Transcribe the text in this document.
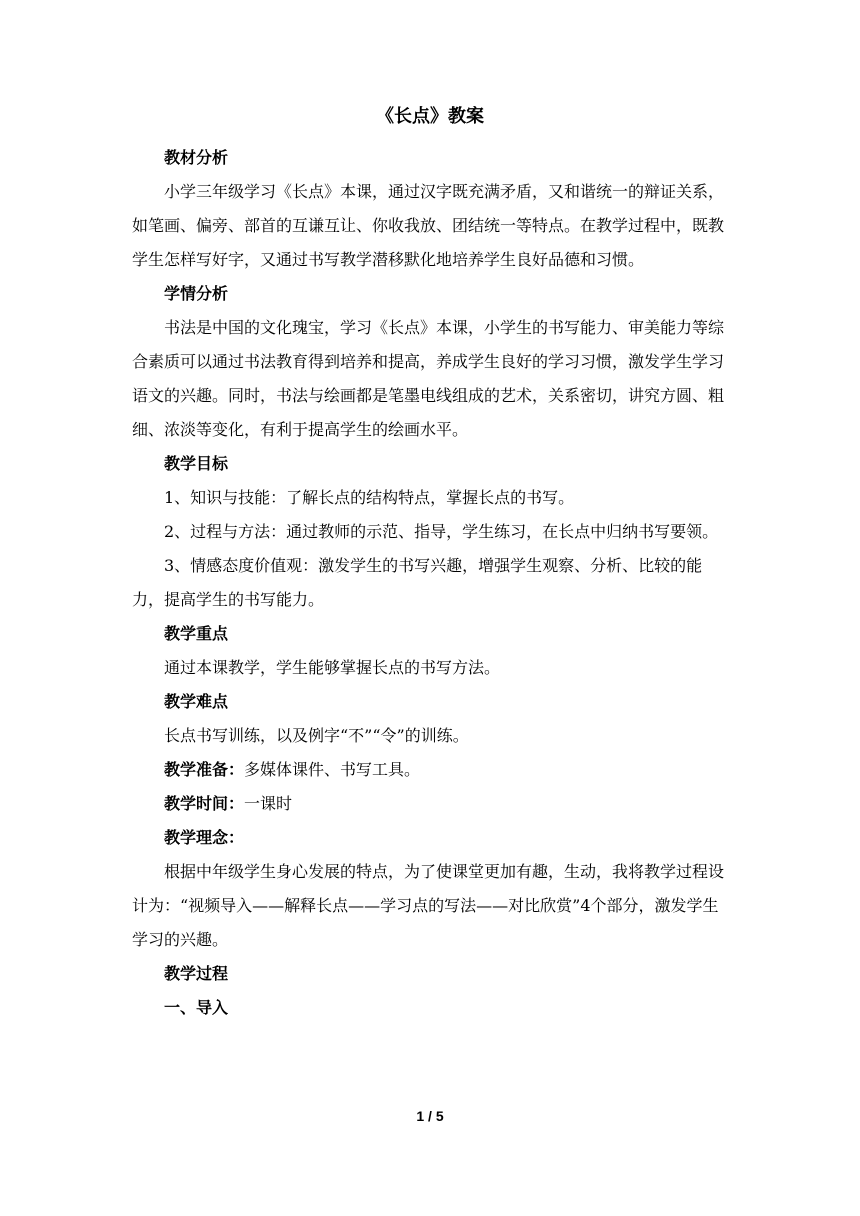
《长点》教案

教材分析

小学三年级学习《长点》本课，通过汉字既充满矛盾，又和谐统一的辩证关系，如笔画、偏旁、部首的互谦互让、你收我放、团结统一等特点。在教学过程中，既教学生怎样写好字，又通过书写教学潜移默化地培养学生良好品德和习惯。

学情分析

书法是中国的文化瑰宝，学习《长点》本课，小学生的书写能力、审美能力等综合素质可以通过书法教育得到培养和提高，养成学生良好的学习习惯，激发学生学习语文的兴趣。同时，书法与绘画都是笔墨电线组成的艺术，关系密切，讲究方圆、粗细、浓淡等变化，有利于提高学生的绘画水平。

教学目标

1、知识与技能：了解长点的结构特点，掌握长点的书写。

2、过程与方法：通过教师的示范、指导，学生练习，在长点中归纳书写要领。

3、情感态度价值观：激发学生的书写兴趣，增强学生观察、分析、比较的能力，提高学生的书写能力。

教学重点

通过本课教学，学生能够掌握长点的书写方法。

教学难点

长点书写训练，以及例字“不”“令”的训练。

教学准备：多媒体课件、书写工具。

教学时间：一课时

教学理念：

根据中年级学生身心发展的特点，为了使课堂更加有趣，生动，我将教学过程设计为：“视频导入——解释长点——学习点的写法——对比欣赏”4个部分，激发学生学习的兴趣。

教学过程

一、导入

1 / 5
